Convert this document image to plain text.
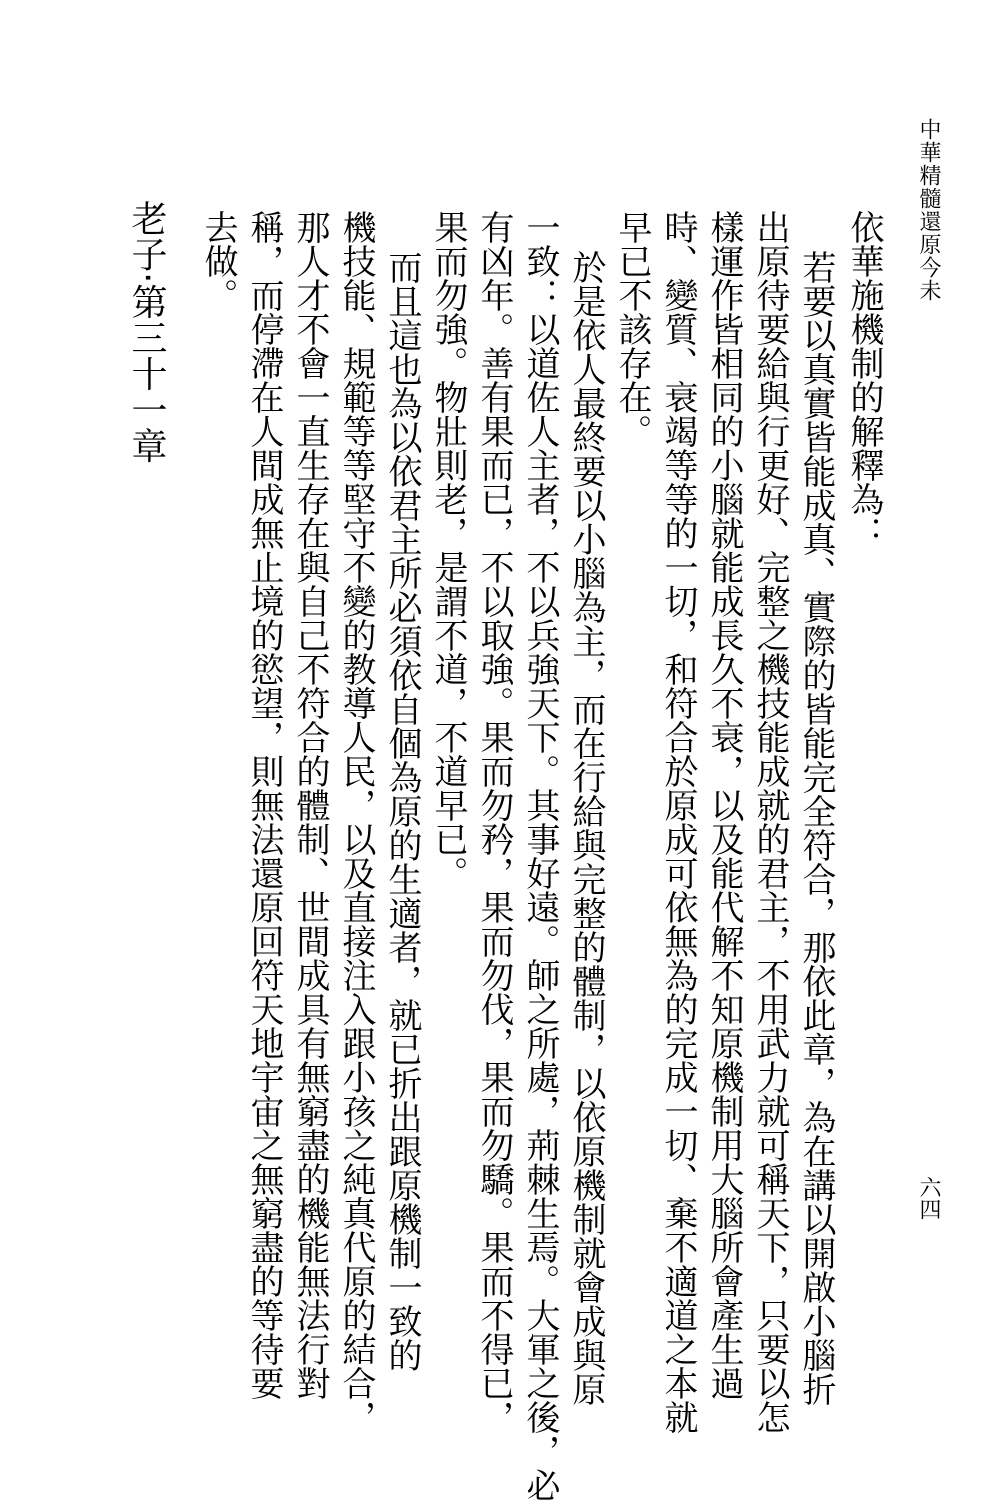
中華精髓還原今未
六四

依華施機制的解釋為：

若要以真實皆能成真、實際的皆能完全符合，那依此章，為在講以開啟小腦折

出原待要給與行更好、完整之機技能成就的君主，不用武力就可稱天下，只要以怎

樣運作皆相同的小腦就能成長久不衰，以及能代解不知原機制用大腦所會產生過

時、變質、衰竭等等的一切，和符合於原成可依無為的完成一切、棄不適道之本就

早已不該存在。

於是依人最終要以小腦為主，而在行給與完整的體制，以依原機制就會成與原

一致：以道佐人主者，不以兵強天下。其事好遠。師之所處，荊棘生焉。大軍之後，必

有凶年。善有果而已，不以取強。果而勿矜，果而勿伐，果而勿驕。果而不得已，

果而勿強。物壯則老，是謂不道，不道早已。

而且這也為以依君主所必須依自個為原的生適者，就已折出跟原機制一致的

機技能、規範等等堅守不變的教導人民，以及直接注入跟小孩之純真代原的結合，

那人才不會一直生存在與自己不符合的體制、世間成具有無窮盡的機能無法行對

稱，而停滯在人間成無止境的慾望，則無法還原回符天地宇宙之無窮盡的等待要

去做。

老子‧第三十一章
